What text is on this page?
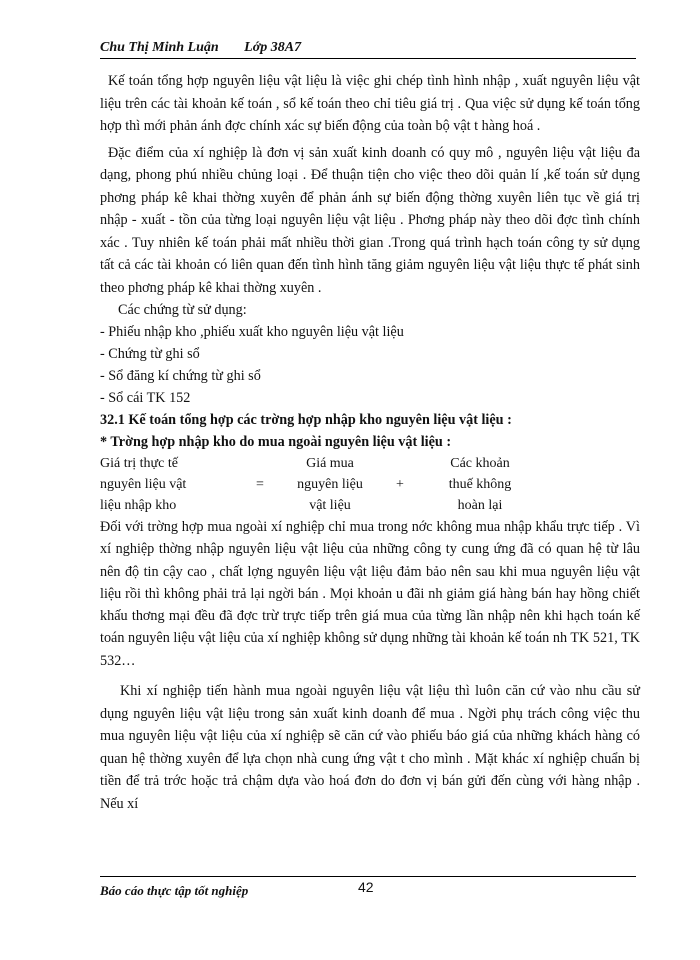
Chu Thị Minh Luận Lớp 38A7

Kế toán tổng hợp nguyên liệu vật liệu là việc ghi chép tình hình nhập , xuất nguyên liệu vật liệu trên các tài khoản kế toán , sổ kế toán theo chỉ tiêu giá trị . Qua việc sử dụng kế toán tổng hợp thì mới phản ánh đợc chính xác sự biến động của toàn bộ vật t hàng hoá .

Đặc điểm của xí nghiệp là đơn vị sản xuất kinh doanh có quy mô , nguyên liệu vật liệu đa dạng, phong phú nhiều chủng loại . Để thuận tiện cho việc theo dõi quản lí ,kế toán sử dụng phơng pháp kê khai thờng xuyên để phản ánh sự biến động thờng xuyên liên tục về giá trị nhập - xuất - tồn của từng loại nguyên liệu vật liệu . Phơng pháp này theo dõi đợc tình chính xác . Tuy nhiên kế toán phải mất nhiều thời gian .Trong quá trình hạch toán công ty sử dụng tất cả các tài khoản có liên quan đến tình hình tăng giảm nguyên liệu vật liệu thực tế phát sinh theo phơng pháp kê khai thờng xuyên .

Các chứng từ sử dụng:

- Phiếu nhập kho ,phiếu xuất kho nguyên liệu vật liệu

- Chứng từ ghi sổ

- Sổ đăng kí chứng từ ghi sổ

- Sổ cái TK 152

32.1 Kế toán tổng hợp các trờng hợp nhập kho nguyên liệu vật liệu :

* Trờng hợp nhập kho do mua ngoài nguyên liệu vật liệu :

Giá trị thực tế	Giá mua	Các khoản
nguyên liệu vật	=	nguyên liệu	+	thuế không
liệu nhập kho	vật liệu	hoàn lại

Đối với trờng hợp mua ngoài xí nghiệp chỉ mua trong nớc không mua nhập khẩu trực tiếp . Vì xí nghiệp thờng nhập nguyên liệu vật liệu của những công ty cung ứng đã có quan hệ từ lâu nên độ tin cậy cao , chất lợng nguyên liệu vật liệu đảm bảo nên sau khi mua nguyên liệu vật liệu rồi thì không phải trả lại ngời bán . Mọi khoản u đãi nh giảm giá hàng bán hay hồng chiết khấu thơng mại đều đã đợc trừ trực tiếp trên giá mua của từng lần nhập nên khi hạch toán kế toán nguyên liệu vật liệu của xí nghiệp không sử dụng những tài khoản kế toán nh TK 521, TK 532…

Khi xí nghiệp tiến hành mua ngoài nguyên liệu vật liệu thì luôn căn cứ vào nhu cầu sử dụng nguyên liệu vật liệu trong sản xuất kinh doanh để mua . Ngời phụ trách công việc thu mua nguyên liệu vật liệu của xí nghiệp sẽ căn cứ vào phiếu báo giá của những khách hàng có quan hệ thờng xuyên để lựa chọn nhà cung ứng vật t cho mình . Mặt khác xí nghiệp chuẩn bị tiền để trả trớc hoặc trả chậm dựa vào hoá đơn do đơn vị bán gửi đến cùng với hàng nhập . Nếu xí

Báo cáo thực tập tốt nghiệp	42
